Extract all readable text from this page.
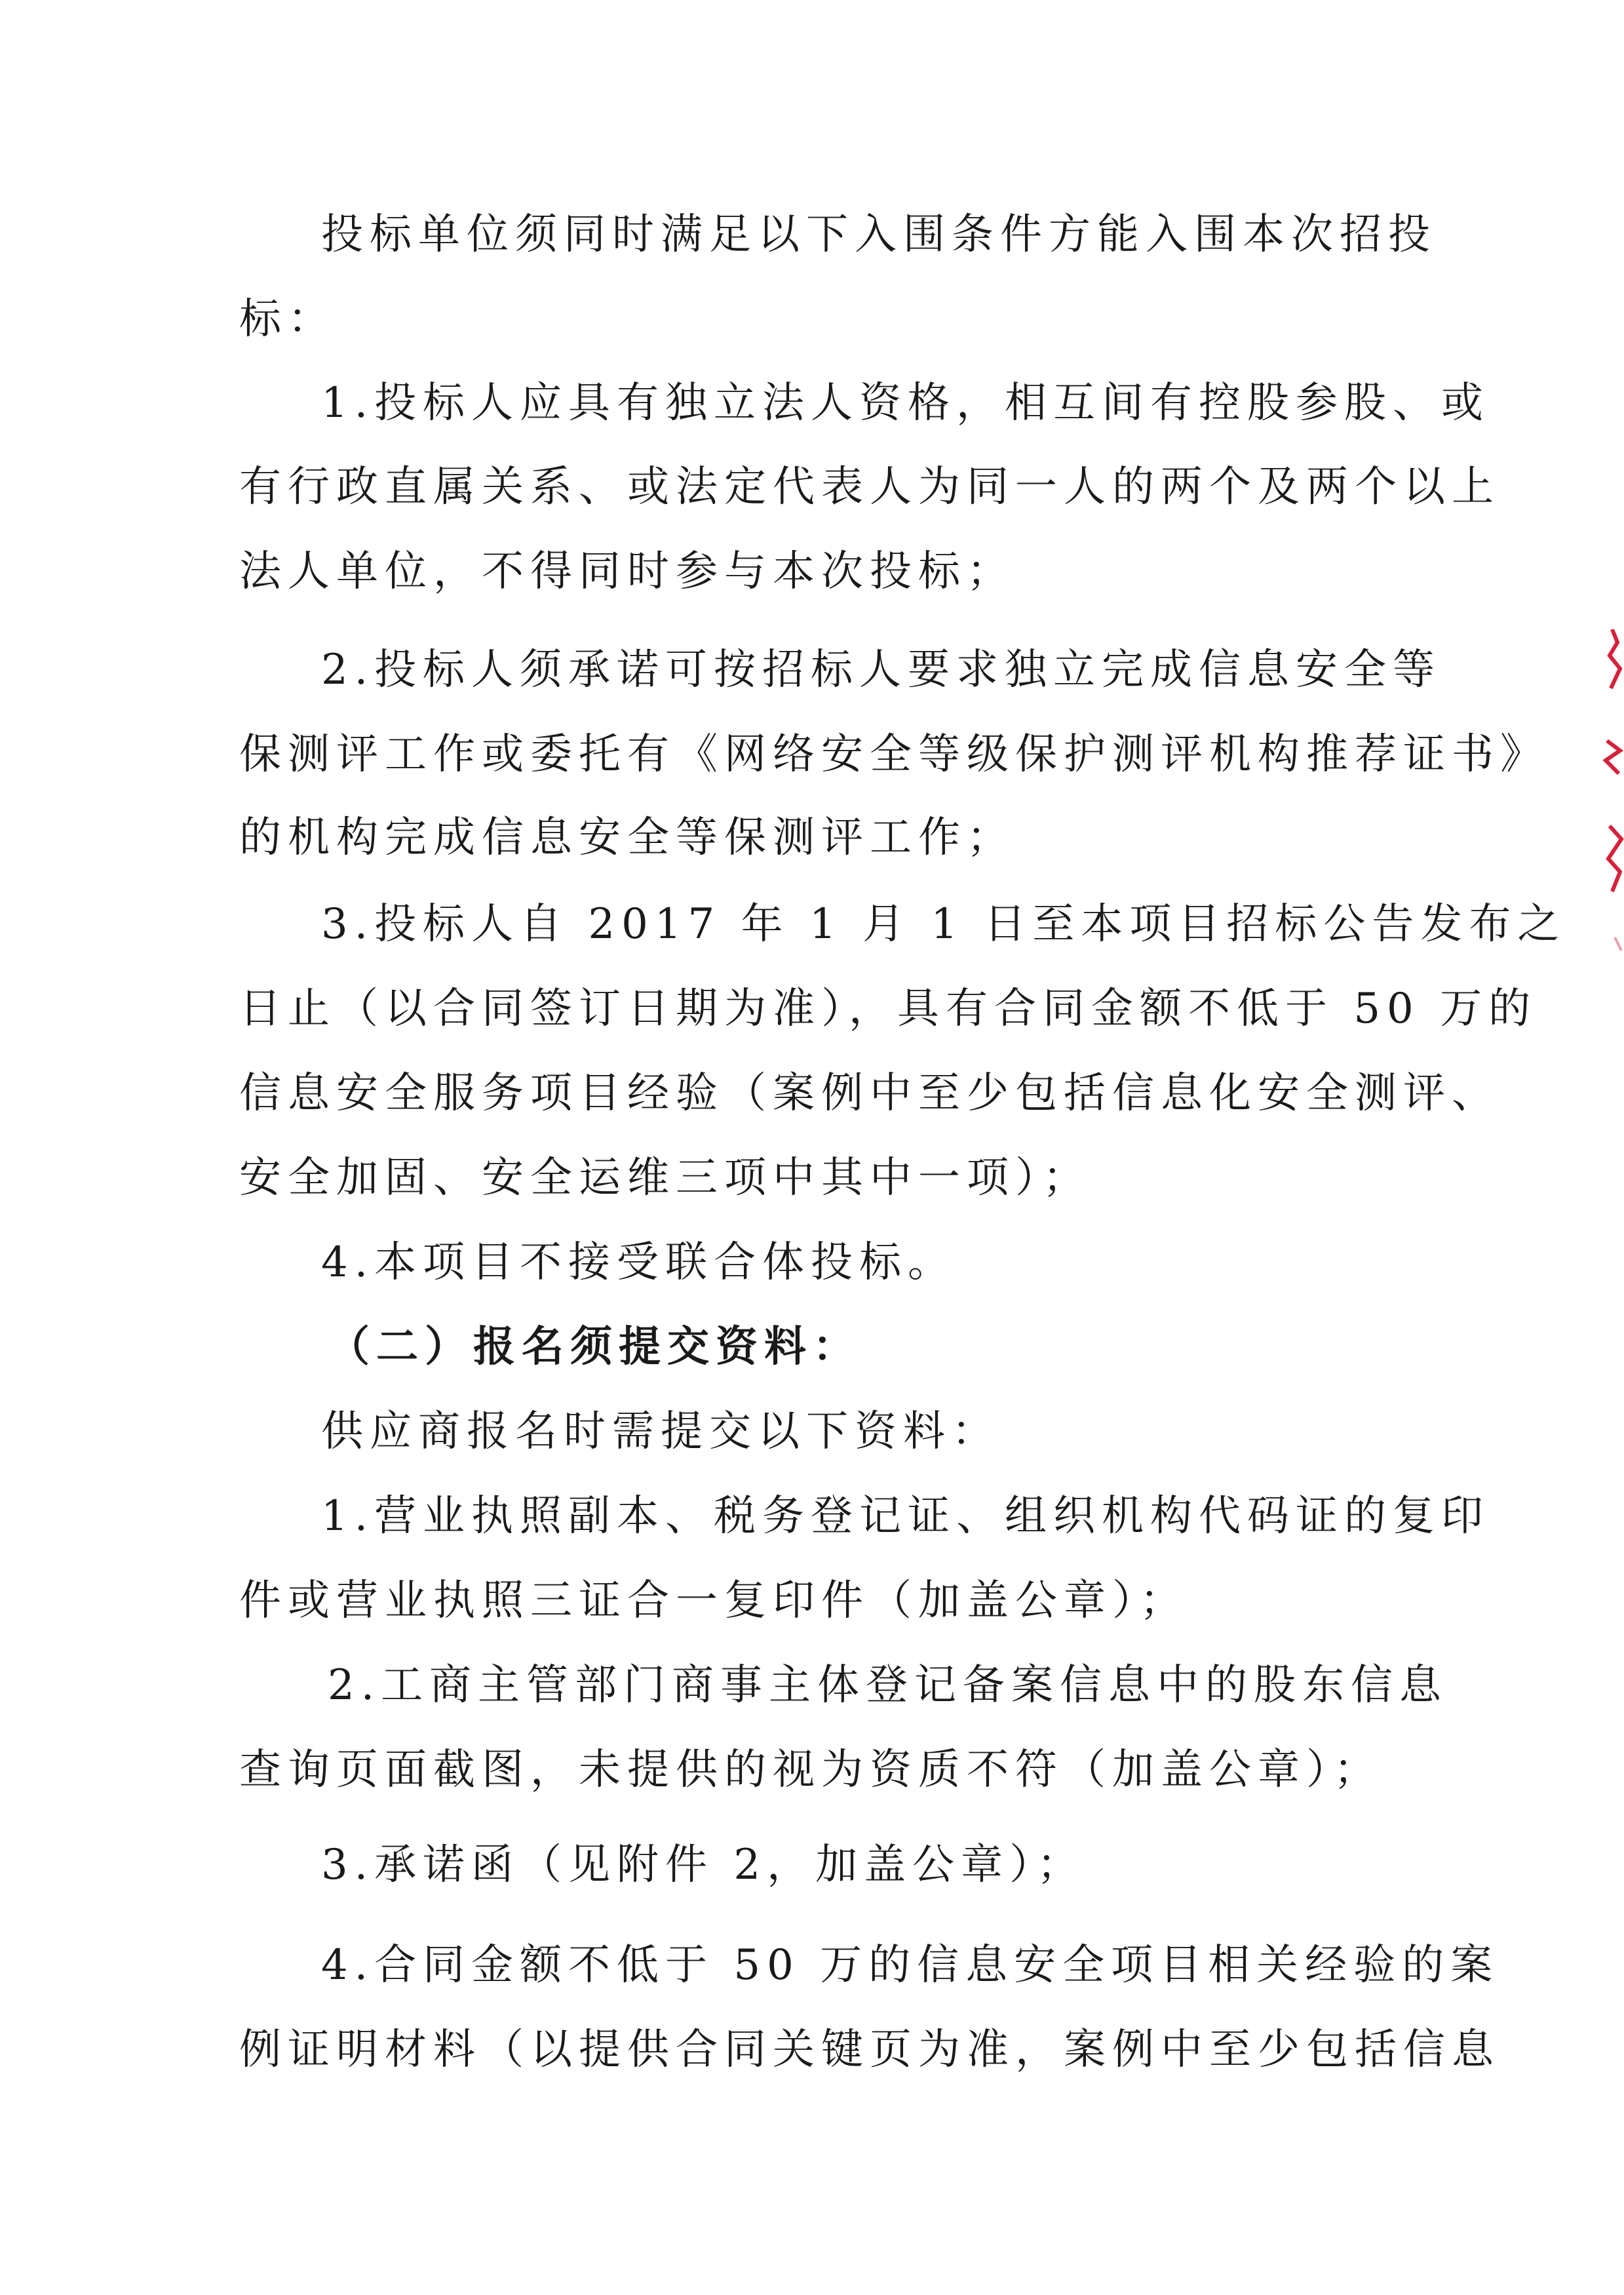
投标单位须同时满足以下入围条件方能入围本次招投
标：
1.投标人应具有独立法人资格，相互间有控股参股、或
有行政直属关系、或法定代表人为同一人的两个及两个以上
法人单位，不得同时参与本次投标；
2.投标人须承诺可按招标人要求独立完成信息安全等
保测评工作或委托有《网络安全等级保护测评机构推荐证书》
的机构完成信息安全等保测评工作；
3.投标人自 2017 年 1 月 1 日至本项目招标公告发布之
日止（以合同签订日期为准），具有合同金额不低于 50 万的
信息安全服务项目经验（案例中至少包括信息化安全测评、
安全加固、安全运维三项中其中一项）；
4.本项目不接受联合体投标。
（二）报名须提交资料：
供应商报名时需提交以下资料：
1.营业执照副本、税务登记证、组织机构代码证的复印
件或营业执照三证合一复印件（加盖公章）；
2.工商主管部门商事主体登记备案信息中的股东信息
查询页面截图，未提供的视为资质不符（加盖公章）；
3.承诺函（见附件 2，加盖公章）；
4.合同金额不低于 50 万的信息安全项目相关经验的案
例证明材料（以提供合同关键页为准，案例中至少包括信息
